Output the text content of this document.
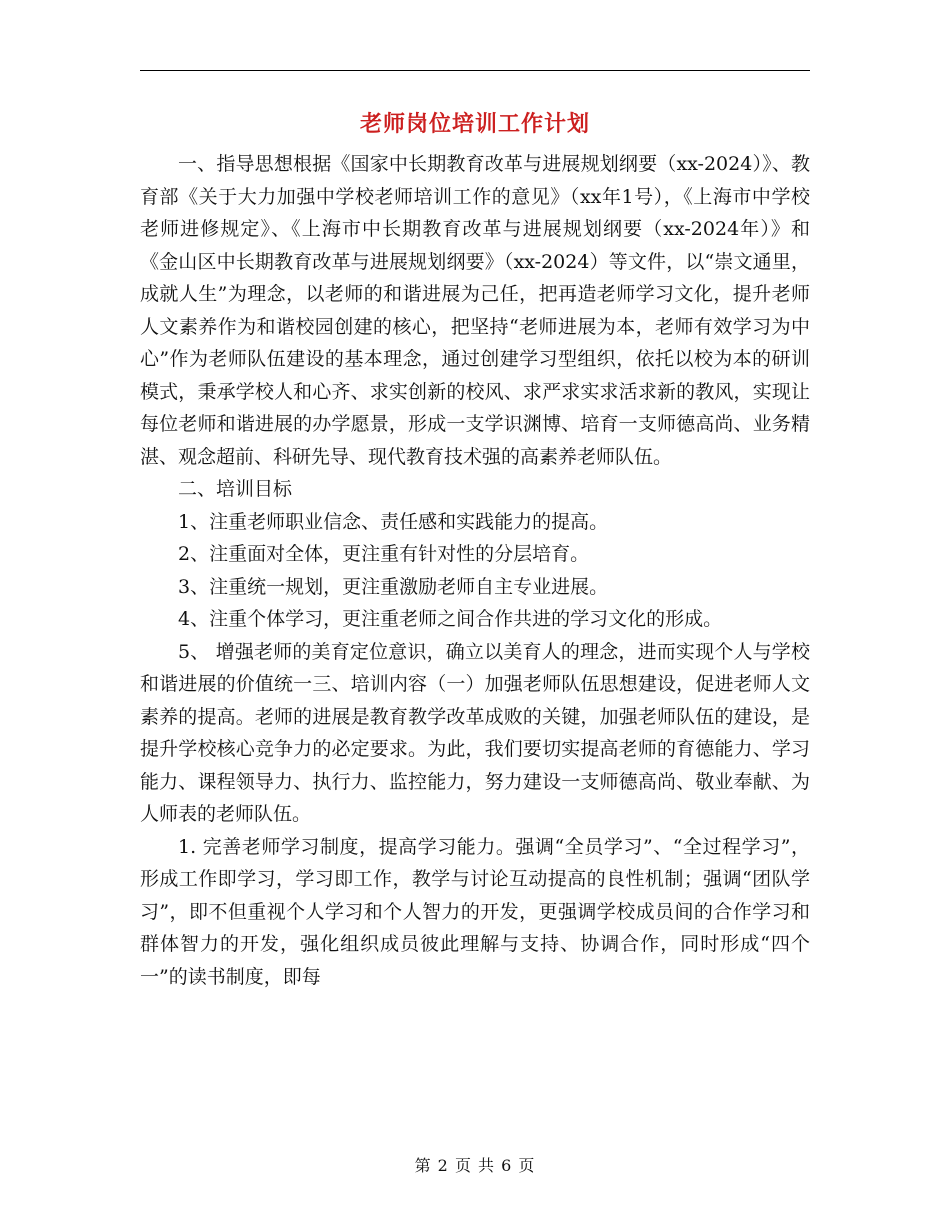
老师岗位培训工作计划

一、指导思想根据《国家中长期教育改革与进展规划纲要（xx-2024）》、教育部《关于大力加强中学校老师培训工作的意见》（xx年1号），《上海市中学校老师进修规定》、《上海市中长期教育改革与进展规划纲要（xx-2024年）》和《金山区中长期教育改革与进展规划纲要》（xx-2024）等文件，以“崇文通里，成就人生”为理念，以老师的和谐进展为己任，把再造老师学习文化，提升老师人文素养作为和谐校园创建的核心，把坚持“老师进展为本，老师有效学习为中心”作为老师队伍建设的基本理念，通过创建学习型组织，依托以校为本的研训模式，秉承学校人和心齐、求实创新的校风、求严求实求活求新的教风，实现让每位老师和谐进展的办学愿景，形成一支学识渊博、培育一支师德高尚、业务精湛、观念超前、科研先导、现代教育技术强的高素养老师队伍。

二、培训目标

1、注重老师职业信念、责任感和实践能力的提高。

2、注重面对全体，更注重有针对性的分层培育。

3、注重统一规划，更注重激励老师自主专业进展。

4、注重个体学习，更注重老师之间合作共进的学习文化的形成。

5、 增强老师的美育定位意识，确立以美育人的理念，进而实现个人与学校和谐进展的价值统一三、培训内容（一）加强老师队伍思想建设，促进老师人文素养的提高。老师的进展是教育教学改革成败的关键，加强老师队伍的建设，是提升学校核心竞争力的必定要求。为此，我们要切实提高老师的育德能力、学习能力、课程领导力、执行力、监控能力，努力建设一支师德高尚、敬业奉献、为人师表的老师队伍。

1. 完善老师学习制度，提高学习能力。强调“全员学习”、“全过程学习”，形成工作即学习，学习即工作，教学与讨论互动提高的良性机制；强调“团队学习”，即不但重视个人学习和个人智力的开发，更强调学校成员间的合作学习和群体智力的开发，强化组织成员彼此理解与支持、协调合作，同时形成“四个一”的读书制度，即每

第 2 页 共 6 页
